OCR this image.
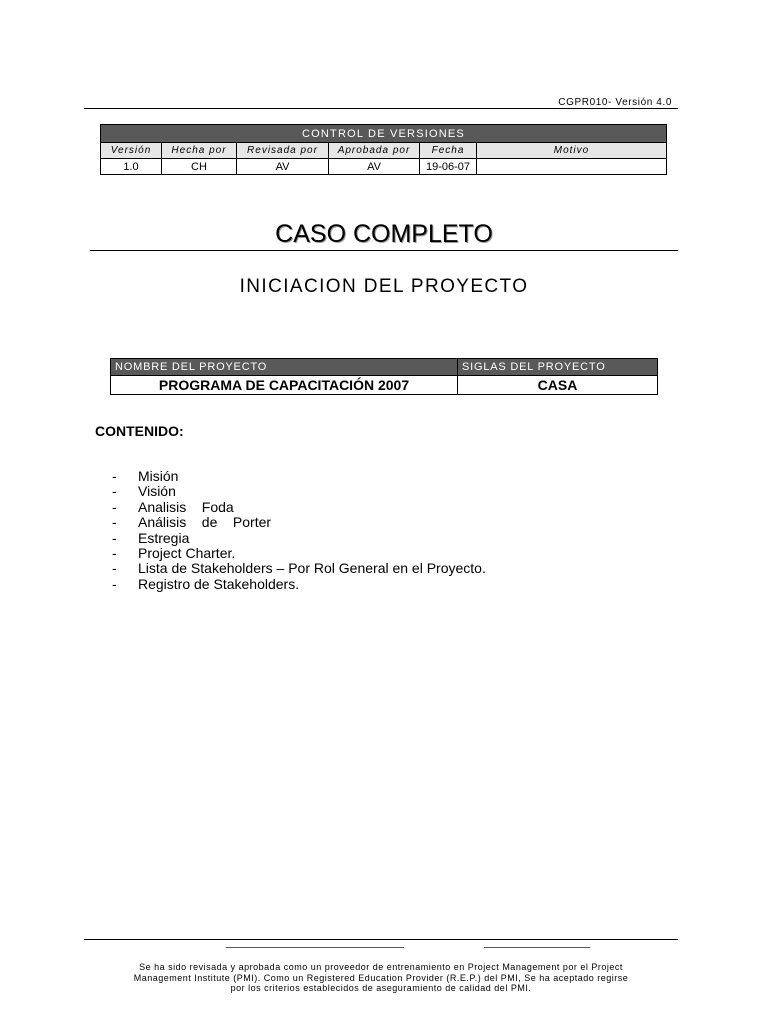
CGPR010- Versión 4.0
CONTROL DE VERSIONES					
Versión	Hecha por	Revisada por	Aprobada por	Fecha	Motivo
1.0	CH	AV	AV	19-06-07	
CASO COMPLETO
INICIACION DEL PROYECTO
NOMBRE DEL PROYECTO	SIGLAS DEL PROYECTO
PROGRAMA DE CAPACITACIÓN 2007	CASA
CONTENIDO:
-	Misión
-	Visión
-	Analisis    Foda
-	Análisis    de    Porter
-	Estregia
-	Project Charter.
-	Lista de Stakeholders – Por Rol General en el Proyecto.
-	Registro de Stakeholders.
Se ha sido revisada y aprobada como un proveedor de entrenamiento en Project Management por el Project
Management Institute (PMI). Como un Registered Education Provider (R.E.P.) del PMI, Se ha aceptado regirse
por los criterios establecidos de aseguramiento de calidad del PMI.
